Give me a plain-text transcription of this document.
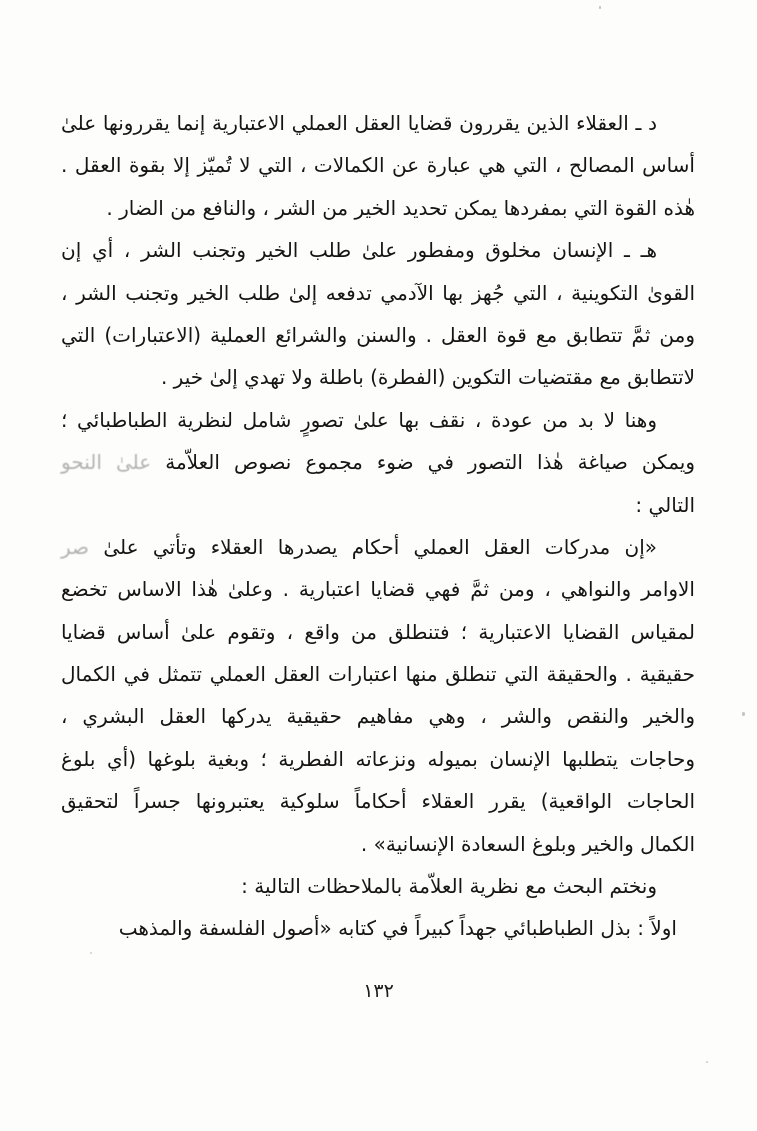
د ـ العقلاء الذين يقررون قضايا العقل العملي الاعتبارية إنما يقررونها علىٰ
أساس المصالح ، التي هي عبارة عن الكمالات ، التي لا تُميّز إلا بقوة العقل .
هٰذه القوة التي بمفردها يمكن تحديد الخير من الشر ، والنافع من الضار .
هـ ـ الإنسان مخلوق ومفطور علىٰ طلب الخير وتجنب الشر ، أي إن
القوىٰ التكوينية ، التي جُهز بها الآدمي تدفعه إلىٰ طلب الخير وتجنب الشر ،
ومن ثمَّ تتطابق مع قوة العقل . والسنن والشرائع العملية (الاعتبارات) التي
لاتتطابق مع مقتضيات التكوين (الفطرة) باطلة ولا تهدي إلىٰ خير .
وهنا لا بد من عودة ، نقف بها علىٰ تصورٍ شامل لنظرية الطباطبائي ؛
ويمكن صياغة هٰذا التصور في ضوء مجموع نصوص العلاّمة علىٰ النحو
التالي :
«إن مدركات العقل العملي أحكام يصدرها العقلاء وتأتي علىٰ صر
الاوامر والنواهي ، ومن ثمَّ فهي قضايا اعتبارية . وعلىٰ هٰذا الاساس تخضع
لمقياس القضايا الاعتبارية ؛ فتنطلق من واقع ، وتقوم علىٰ أساس قضايا
حقيقية . والحقيقة التي تنطلق منها اعتبارات العقل العملي تتمثل في الكمال
والخير والنقص والشر ، وهي مفاهيم حقيقية يدركها العقل البشري ،
وحاجات يتطلبها الإنسان بميوله ونزعاته الفطرية ؛ وبغية بلوغها (أي بلوغ
الحاجات الواقعية) يقرر العقلاء أحكاماً سلوكية يعتبرونها جسراً لتحقيق
الكمال والخير وبلوغ السعادة الإنسانية» .
ونختم البحث مع نظرية العلاّمة بالملاحظات التالية :
اولاً : بذل الطباطبائي جهداً كبيراً في كتابه «أصول الفلسفة والمذهب
١٣٢
